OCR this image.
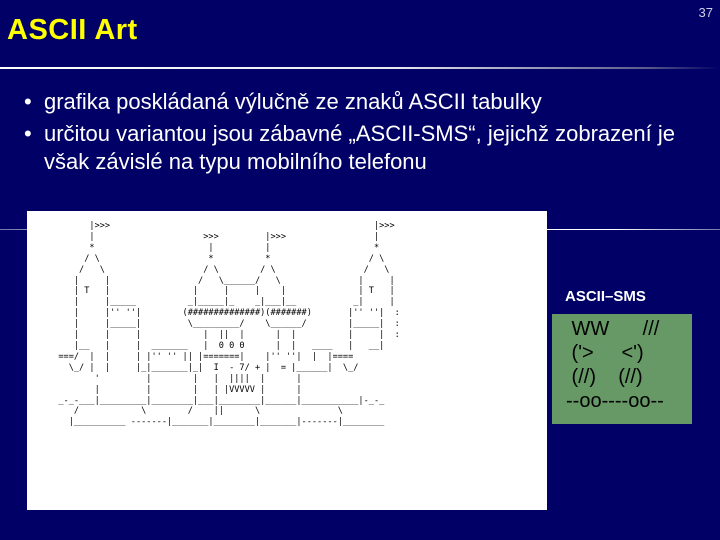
ASCII Art
37
• grafika poskládaná výlučně ze znaků ASCII tabulky
• určitou variantou jsou zábavné „ASCII-SMS“, jejichž zobrazení je však závislé na typu mobilního telefonu
|>>>                                                   |>>>
|                     >>>         |>>>                 |
*                      |          |                    *
/ \                     *          *                   / \
/   \                   / \        / \                 /   \
|     |                 /   \______/   \               |     |
| T   |                |     |     |    |              | T   |
|     |_____          _|_____|_    _|___|__           _|     |
|     |'' ''|        (##############)(#######)       |'' ''|  :
|     |_____|         \_________/    \______/        |_____|  :
|     |     |            |  ||  |      |  |          |     |  :
|__   |     |  _______   |  0 0 0      |  |   ____   |   __|
===/  |  |     | |'' '' || |=======|    |'' ''|  |  |====
\_/ |  |     |_|_______|_|  I  - 7/ + |  = |______|  \_/
'         |        |   |  ||||  |      |
|         |        |   | |VVVVV |      |
_-_-___|_________|________|___|________|______|___________|-_-_
/            \        /    ||      \               \
|__________ -------|_______|________|_______|-------|________
ASCII–SMS
WW      ///
('>     <')
(//)    (//)
--oo----oo--
